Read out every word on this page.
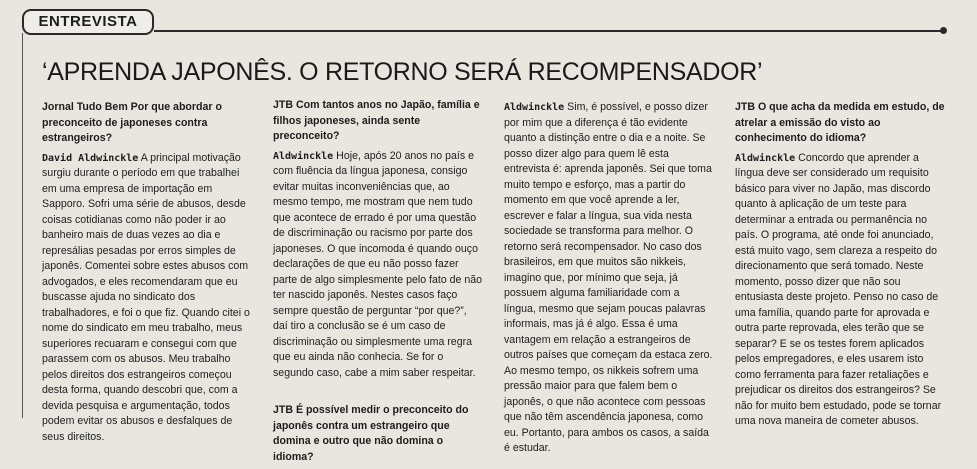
ENTREVISTA
‘APRENDA JAPONÊS. O RETORNO SERÁ RECOMPENSADOR’

Jornal Tudo Bem Por que abordar o preconceito de japoneses contra estrangeiros?

David Aldwinckle A principal motivação surgiu durante o período em que trabalhei em uma empresa de importação em Sapporo. Sofri uma série de abusos, desde coisas cotidianas como não poder ir ao banheiro mais de duas vezes ao dia e represálias pesadas por erros simples de japonês. Comentei sobre estes abusos com advogados, e eles recomendaram que eu buscasse ajuda no sindicato dos trabalhadores, e foi o que fiz. Quando citei o nome do sindicato em meu trabalho, meus superiores recuaram e consegui com que parassem com os abusos. Meu trabalho pelos direitos dos estrangeiros começou desta forma, quando descobri que, com a devida pesquisa e argumentação, todos podem evitar os abusos e desfalques de seus direitos.

JTB Com tantos anos no Japão, família e filhos japoneses, ainda sente preconceito?

Aldwinckle Hoje, após 20 anos no país e com fluência da língua japonesa, consigo evitar muitas inconveniências que, ao mesmo tempo, me mostram que nem tudo que acontece de errado é por uma questão de discriminação ou racismo por parte dos japoneses. O que incomoda é quando ouço declarações de que eu não posso fazer parte de algo simplesmente pelo fato de não ter nascido japonês. Nestes casos faço sempre questão de perguntar “por que?”, daí tiro a conclusão se é um caso de discriminação ou simplesmente uma regra que eu ainda não conhecia. Se for o segundo caso, cabe a mim saber respeitar.

JTB É possível medir o preconceito do japonês contra um estrangeiro que domina e outro que não domina o idioma?

Aldwinckle Sim, é possível, e posso dizer por mim que a diferença é tão evidente quanto a distinção entre o dia e a noite. Se posso dizer algo para quem lê esta entrevista é: aprenda japonês. Sei que toma muito tempo e esforço, mas a partir do momento em que você aprende a ler, escrever e falar a língua, sua vida nesta sociedade se transforma para melhor. O retorno será recompensador. No caso dos brasileiros, em que muitos são nikkeis, imagino que, por mínimo que seja, já possuem alguma familiaridade com a língua, mesmo que sejam poucas palavras informais, mas já é algo. Essa é uma vantagem em relação a estrangeiros de outros países que começam da estaca zero. Ao mesmo tempo, os nikkeis sofrem uma pressão maior para que falem bem o japonês, o que não acontece com pessoas que não têm ascendência japonesa, como eu. Portanto, para ambos os casos, a saída é estudar.

JTB O que acha da medida em estudo, de atrelar a emissão do visto ao conhecimento do idioma?

Aldwinckle Concordo que aprender a língua deve ser considerado um requisito básico para viver no Japão, mas discordo quanto à aplicação de um teste para determinar a entrada ou permanência no país. O programa, até onde foi anunciado, está muito vago, sem clareza a respeito do direcionamento que será tomado. Neste momento, posso dizer que não sou entusiasta deste projeto. Penso no caso de uma família, quando parte for aprovada e outra parte reprovada, eles terão que se separar? E se os testes forem aplicados pelos empregadores, e eles usarem isto como ferramenta para fazer retaliações e prejudicar os direitos dos estrangeiros? Se não for muito bem estudado, pode se tornar uma nova maneira de cometer abusos.
